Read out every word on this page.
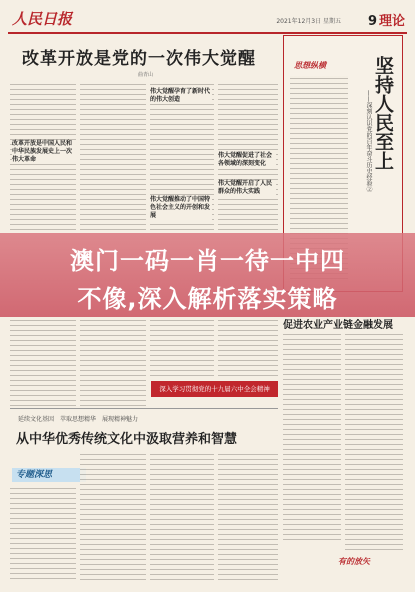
人民日报	2021年12月3日 星期五 9 理论
改革开放是党的一次伟大觉醒
曲青山
改革开放是中国人民和中华民族发展史上一次伟大革命
伟大觉醒孕育了新时代的伟大创造
伟大觉醒推动了中国特色社会主义的开创和发展
伟大觉醒开启了人民群众的伟大实践
伟大觉醒促进了社会各领域的深刻变化
思想纵横 坚持人民至上
——深刻认识党的百年奋斗历史经验②
促进农业产业链金融发展
深入学习贯彻党的十九届六中全会精神
延续文化基因　萃取思想精华　展现精神魅力
从中华优秀传统文化中汲取营养和智慧
专题深思
有的放矢
澳门一码一肖一待一中四
不像,深入解析落实策略
